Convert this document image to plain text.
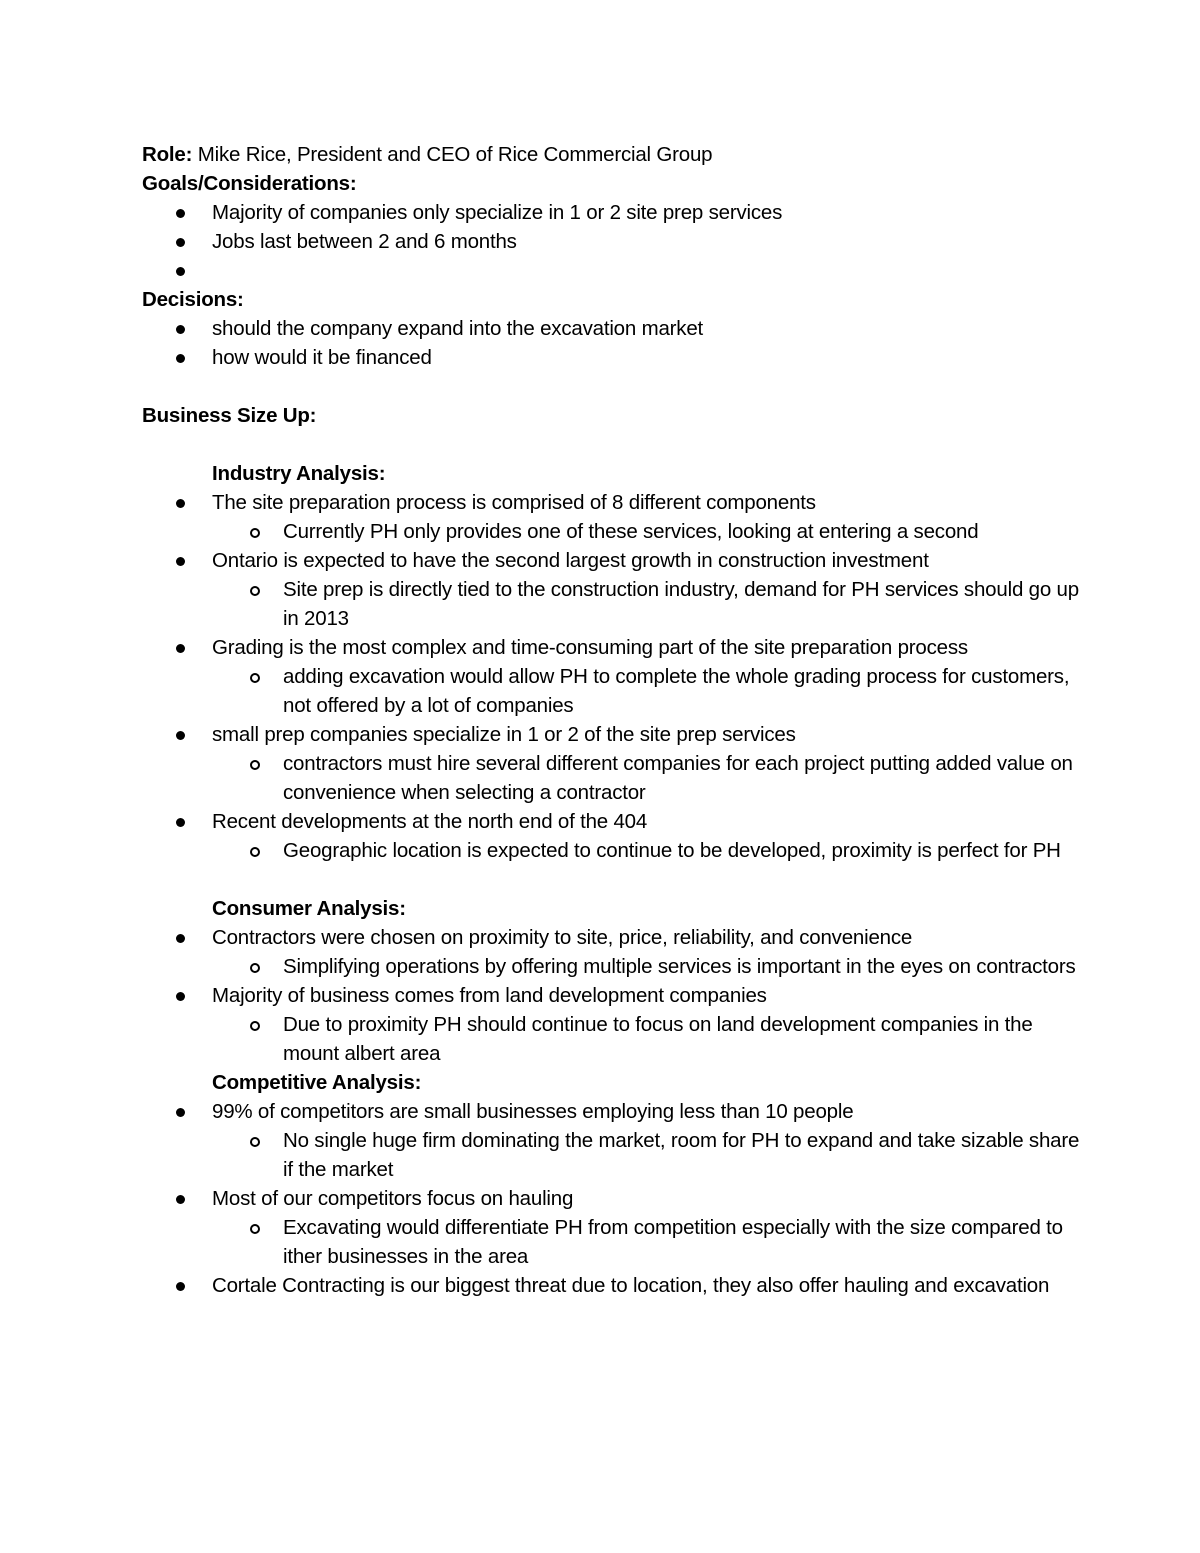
Role: Mike Rice, President and CEO of Rice Commercial Group
Goals/Considerations:
Majority of companies only specialize in 1 or 2 site prep services
Jobs last between 2 and 6 months
Decisions:
should the company expand into the excavation market
how would it be financed
Business Size Up:
Industry Analysis:
The site preparation process is comprised of 8 different components
Currently PH only provides one of these services, looking at entering a second
Ontario is expected to have the second largest growth in construction investment
Site prep is directly tied to the construction industry, demand for PH services should go up in 2013
Grading is the most complex and time-consuming part of the site preparation process
adding excavation would allow PH to complete the whole grading process for customers, not offered by a lot of companies
small prep companies specialize in 1 or 2 of the site prep services
contractors must hire several different companies for each project putting added value on convenience when selecting a contractor
Recent developments at the north end of the 404
Geographic location is expected to continue to be developed, proximity is perfect for PH
Consumer Analysis:
Contractors were chosen on proximity to site, price, reliability, and convenience
Simplifying operations by offering multiple services is important in the eyes on contractors
Majority of business comes from land development companies
Due to proximity PH should continue to focus on land development companies in the mount albert area
Competitive Analysis:
99% of competitors are small businesses employing less than 10 people
No single huge firm dominating the market, room for PH to expand and take sizable share if the market
Most of our competitors focus on hauling
Excavating would differentiate PH from competition especially with the size compared to ither businesses in the area
Cortale Contracting is our biggest threat due to location, they also offer hauling and excavation
